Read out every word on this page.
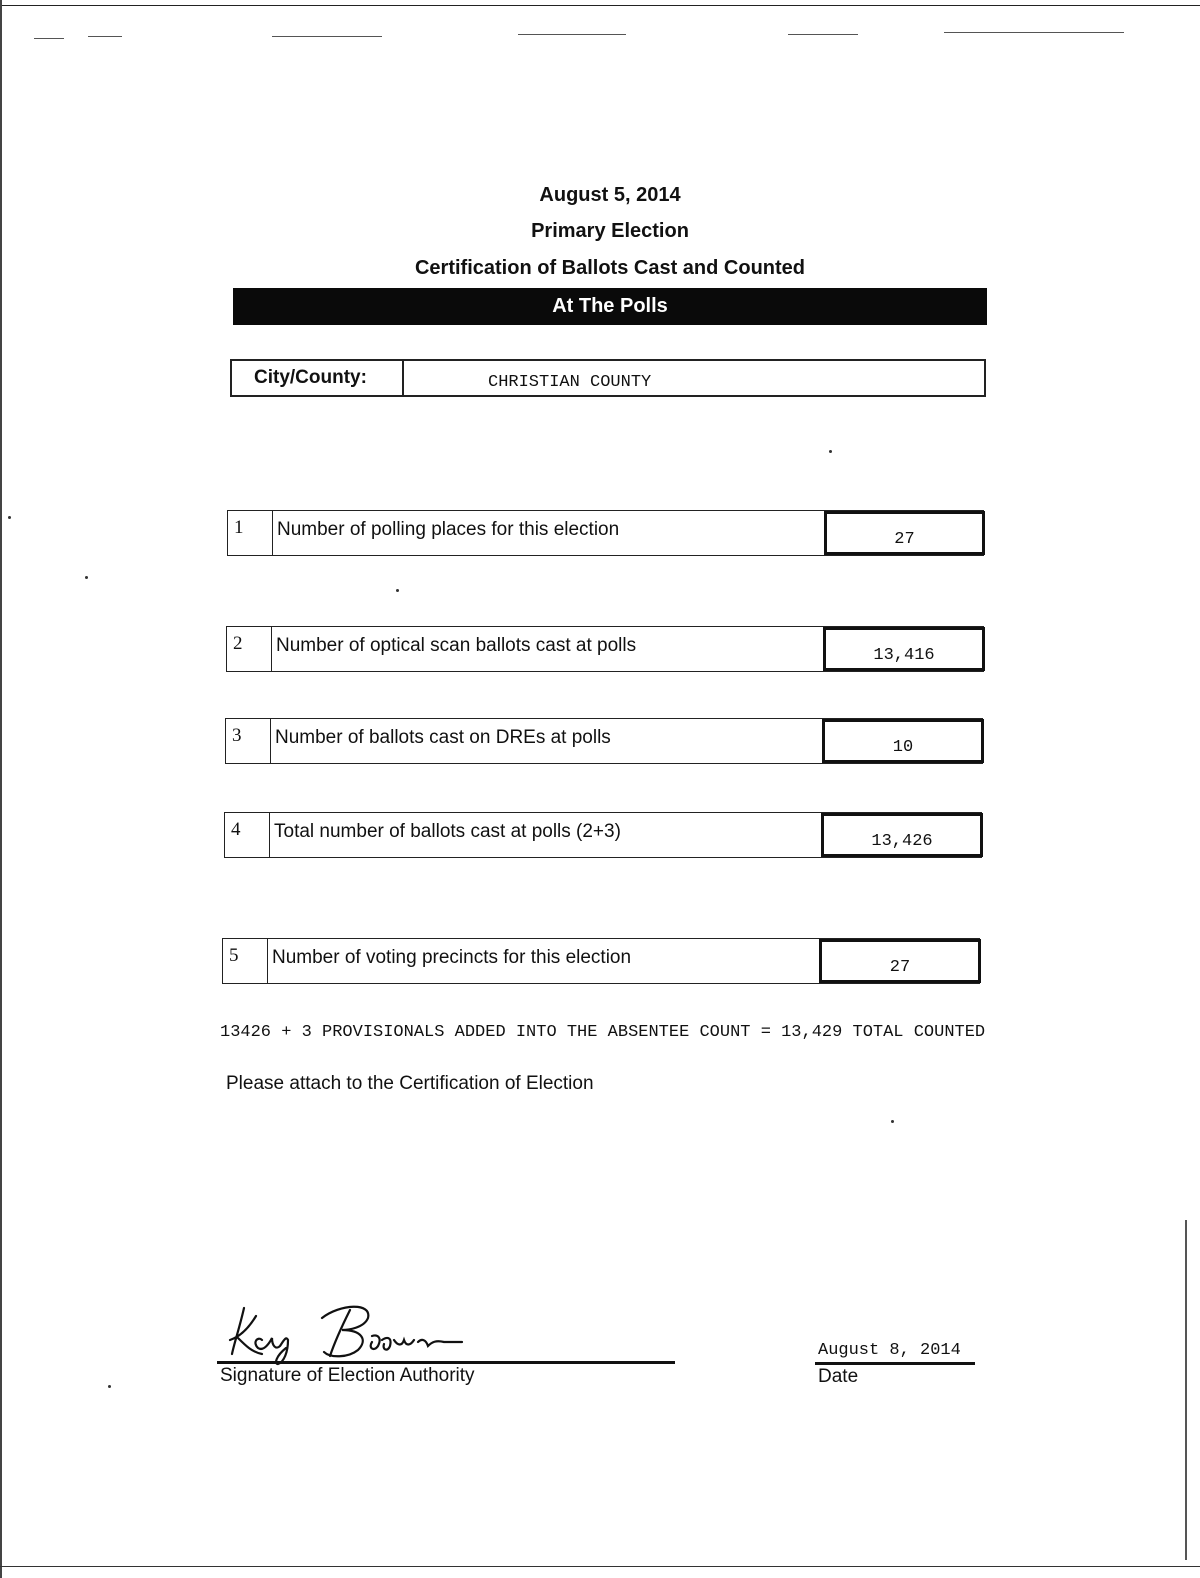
August 5, 2014
Primary Election
Certification of Ballots Cast and Counted
At The Polls
City/County:	CHRISTIAN COUNTY
1	Number of polling places for this election	27
2	Number of optical scan ballots cast at polls	13,416
3	Number of ballots cast on DREs at polls	10
4	Total number of ballots cast at polls (2+3)	13,426
5	Number of voting precincts for this election	27
13426 + 3 PROVISIONALS ADDED INTO THE ABSENTEE COUNT = 13,429 TOTAL COUNTED
Please attach to the Certification of Election
Signature of Election Authority
August 8, 2014
Date
